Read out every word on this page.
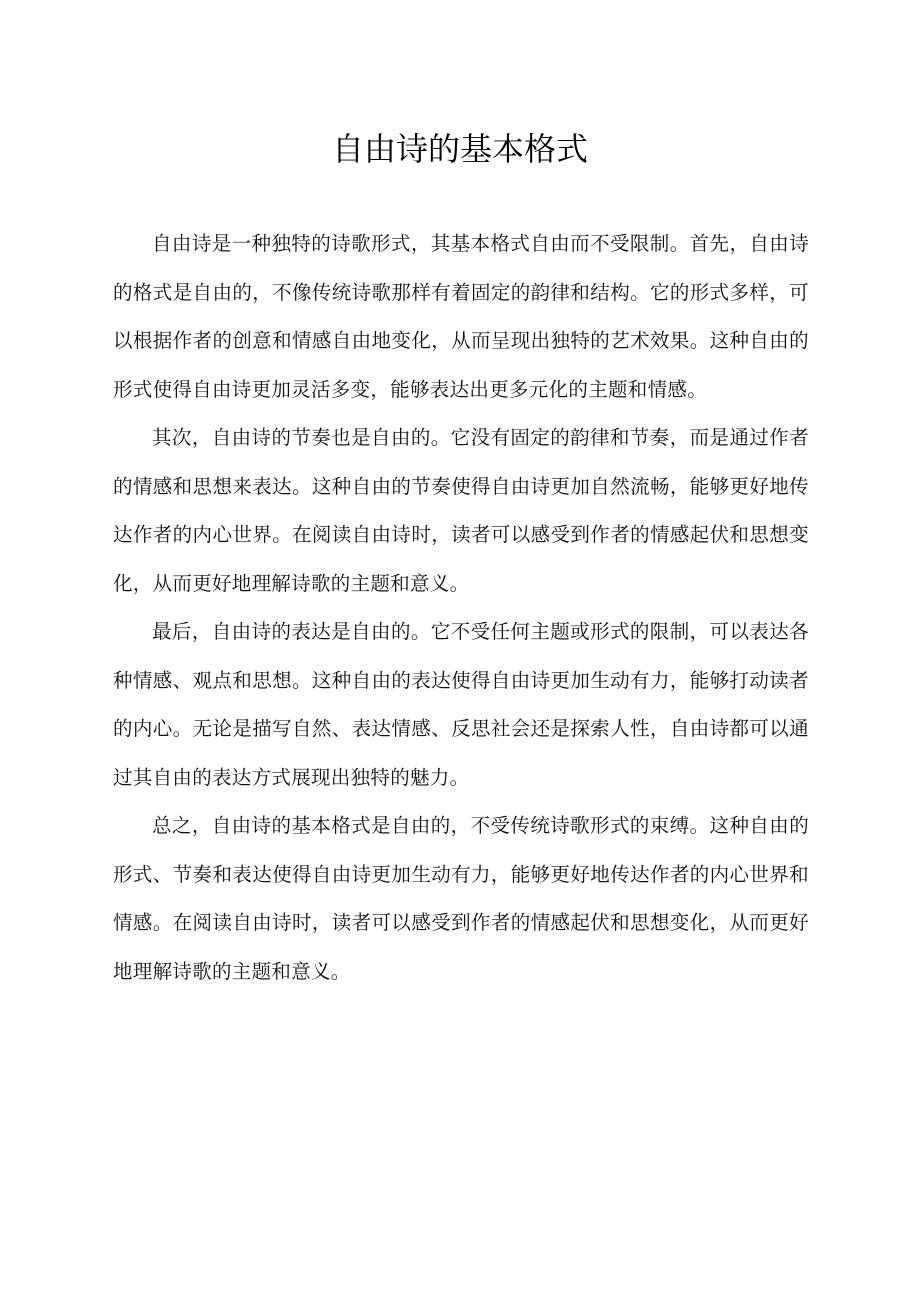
自由诗的基本格式

自由诗是一种独特的诗歌形式，其基本格式自由而不受限制。首先，自由诗的格式是自由的，不像传统诗歌那样有着固定的韵律和结构。它的形式多样，可以根据作者的创意和情感自由地变化，从而呈现出独特的艺术效果。这种自由的形式使得自由诗更加灵活多变，能够表达出更多元化的主题和情感。

其次，自由诗的节奏也是自由的。它没有固定的韵律和节奏，而是通过作者的情感和思想来表达。这种自由的节奏使得自由诗更加自然流畅，能够更好地传达作者的内心世界。在阅读自由诗时，读者可以感受到作者的情感起伏和思想变化，从而更好地理解诗歌的主题和意义。

最后，自由诗的表达是自由的。它不受任何主题或形式的限制，可以表达各种情感、观点和思想。这种自由的表达使得自由诗更加生动有力，能够打动读者的内心。无论是描写自然、表达情感、反思社会还是探索人性，自由诗都可以通过其自由的表达方式展现出独特的魅力。

总之，自由诗的基本格式是自由的，不受传统诗歌形式的束缚。这种自由的形式、节奏和表达使得自由诗更加生动有力，能够更好地传达作者的内心世界和情感。在阅读自由诗时，读者可以感受到作者的情感起伏和思想变化，从而更好地理解诗歌的主题和意义。
